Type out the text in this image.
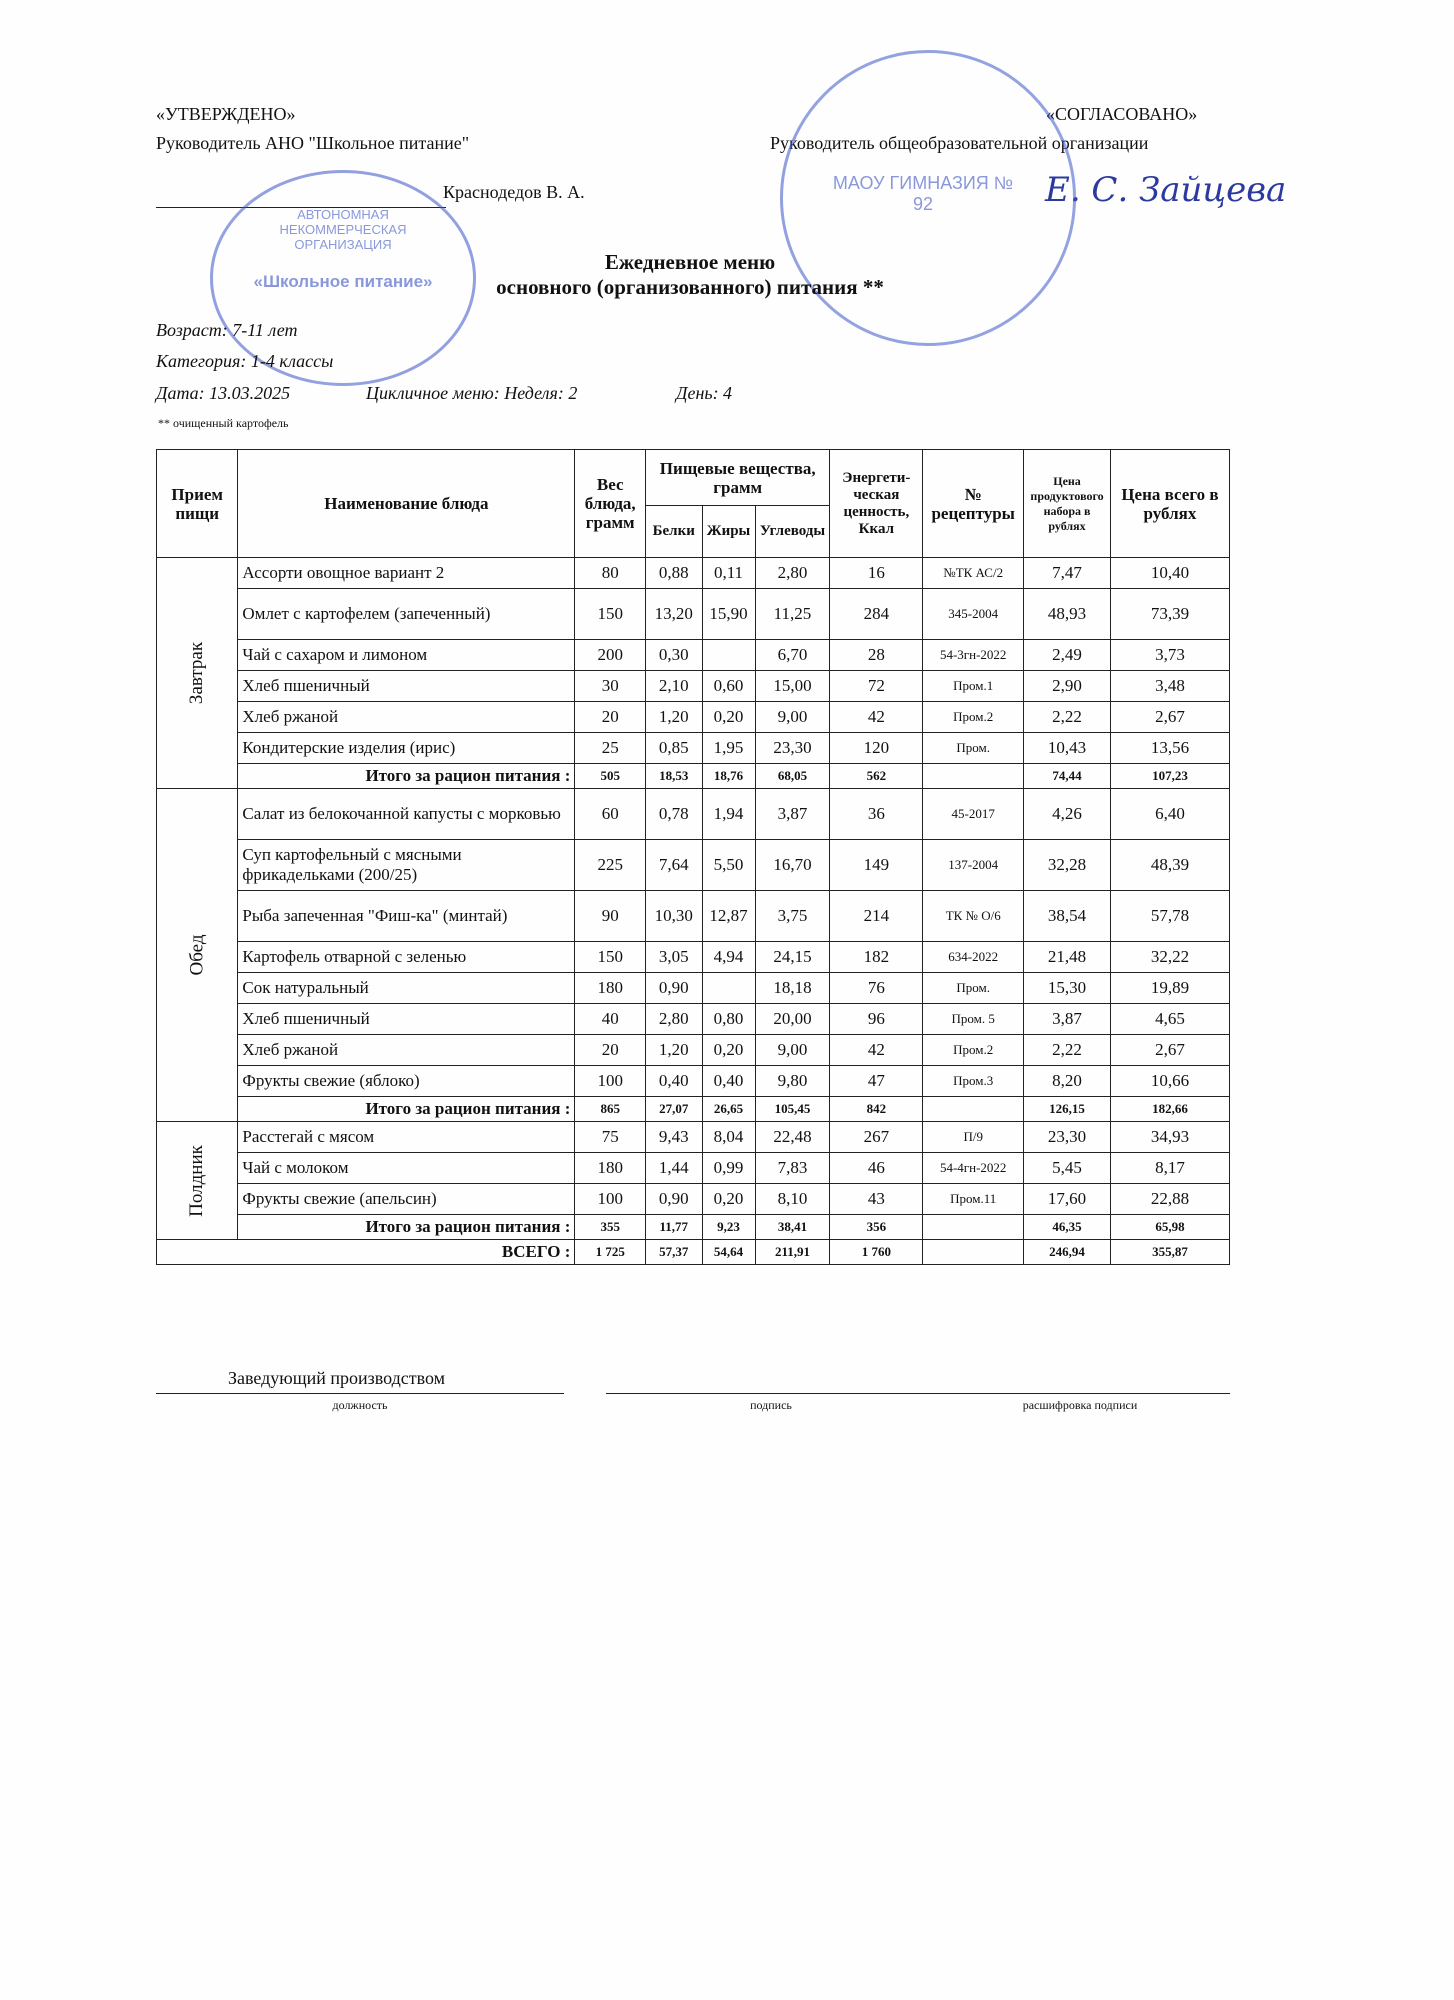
«УТВЕРЖДЕНО»
Руководитель АНО "Школьное питание"
Краснодедов В. А.
«СОГЛАСОВАНО»
Руководитель общеобразовательной организации
Е. С. Зайцева
АВТОНОМНАЯ
НЕКОММЕРЧЕСКАЯ
ОРГАНИЗАЦИЯ
«Школьное питание»
МАОУ ГИМНАЗИЯ № 92
Ежедневное меню
основного (организованного) питания **
Возраст: 7-11 лет
Категория: 1-4 классы
Дата: 13.03.2025	Цикличное меню: Неделя: 2	День: 4
** очищенный картофель
Прием пищи	Наименование блюда	Вес блюда, грамм	Пищевые вещества, грамм			Энергети- ческая ценность, Ккал	№ рецептуры	Цена продуктового набора в рублях	Цена всего в рублях
			Белки	Жиры	Углеводы				
Завтрак	Ассорти овощное вариант 2	80	0,88	0,11	2,80	16	№ТК АС/2	7,47	10,40
	Омлет с картофелем (запеченный)	150	13,20	15,90	11,25	284	345-2004	48,93	73,39
	Чай с сахаром и лимоном	200	0,30		6,70	28	54-3гн-2022	2,49	3,73
	Хлеб пшеничный	30	2,10	0,60	15,00	72	Пром.1	2,90	3,48
	Хлеб ржаной	20	1,20	0,20	9,00	42	Пром.2	2,22	2,67
	Кондитерские изделия (ирис)	25	0,85	1,95	23,30	120	Пром.	10,43	13,56
	Итого за рацион питания :	505	18,53	18,76	68,05	562		74,44	107,23
Обед	Салат из белокочанной капусты с морковью	60	0,78	1,94	3,87	36	45-2017	4,26	6,40
	Суп картофельный с мясными фрикадельками (200/25)	225	7,64	5,50	16,70	149	137-2004	32,28	48,39
	Рыба запеченная "Фиш-ка" (минтай)	90	10,30	12,87	3,75	214	ТК № О/6	38,54	57,78
	Картофель отварной с зеленью	150	3,05	4,94	24,15	182	634-2022	21,48	32,22
	Сок натуральный	180	0,90		18,18	76	Пром.	15,30	19,89
	Хлеб пшеничный	40	2,80	0,80	20,00	96	Пром. 5	3,87	4,65
	Хлеб ржаной	20	1,20	0,20	9,00	42	Пром.2	2,22	2,67
	Фрукты свежие (яблоко)	100	0,40	0,40	9,80	47	Пром.3	8,20	10,66
	Итого за рацион питания :	865	27,07	26,65	105,45	842		126,15	182,66
Полдник	Расстегай с мясом	75	9,43	8,04	22,48	267	П/9	23,30	34,93
	Чай с молоком	180	1,44	0,99	7,83	46	54-4гн-2022	5,45	8,17
	Фрукты свежие (апельсин)	100	0,90	0,20	8,10	43	Пром.11	17,60	22,88
	Итого за рацион питания :	355	11,77	9,23	38,41	356		46,35	65,98
ВСЕГО :		1 725	57,37	54,64	211,91	1 760		246,94	355,87
Заведующий производством
должность	подпись	расшифровка подписи
